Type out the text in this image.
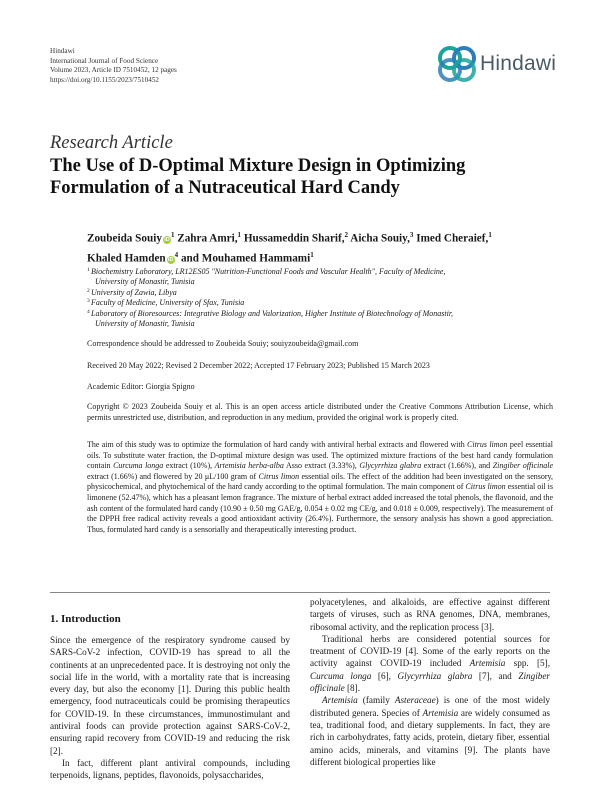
Hindawi
International Journal of Food Science
Volume 2023, Article ID 7510452, 12 pages
https://doi.org/10.1155/2023/7510452
Hindawi
Research Article
The Use of D-Optimal Mixture Design in Optimizing
Formulation of a Nutraceutical Hard Candy
Zoubeida Souiy $iD^1$ Zahra Amri,$^1$ Hussameddin Sharif,$^2$ Aicha Souiy,$^3$ Imed Cheraief,$^1$
Khaled Hamden $iD^4$ and Mouhamed Hammami$^1$
1 Biochemistry Laboratory, LR12ES05 "Nutrition-Functional Foods and Vascular Health", Faculty of Medicine,
University of Monastir, Tunisia
2 University of Zawia, Libya
3 Faculty of Medicine, University of Sfax, Tunisia
4 Laboratory of Bioresources: Integrative Biology and Valorization, Higher Institute of Biotechnology of Monastir,
University of Monastir, Tunisia
Correspondence should be addressed to Zoubeida Souiy; souiyzoubeida@gmail.com
Received 20 May 2022; Revised 2 December 2022; Accepted 17 February 2023; Published 15 March 2023
Academic Editor: Giorgia Spigno
Copyright © 2023 Zoubeida Souiy et al. This is an open access article distributed under the Creative Commons Attribution License, which permits unrestricted use, distribution, and reproduction in any medium, provided the original work is properly cited.
The aim of this study was to optimize the formulation of hard candy with antiviral herbal extracts and flowered with Citrus limon peel essential oils. To substitute water fraction, the D-optimal mixture design was used. The optimized mixture fractions of the best hard candy formulation contain Curcuma longa extract (10%), Artemisia herba-alba Asso extract (3.33%), Glycyrrhiza glabra extract (1.66%), and Zingiber officinale extract (1.66%) and flowered by 20 μL/100 gram of Citrus limon essential oils. The effect of the addition had been investigated on the sensory, physicochemical, and phytochemical of the hard candy according to the optimal formulation. The main component of Citrus limon essential oil is limonene (52.47%), which has a pleasant lemon fragrance. The mixture of herbal extract added increased the total phenols, the flavonoid, and the ash content of the formulated hard candy (10.90 ± 0.50 mg GAE/g, 0.054 ± 0.02 mg CE/g, and 0.018 ± 0.009, respectively). The measurement of the DPPH free radical activity reveals a good antioxidant activity (26.4%). Furthermore, the sensory analysis has shown a good appreciation. Thus, formulated hard candy is a sensorially and therapeutically interesting product.
1. Introduction

Since the emergence of the respiratory syndrome caused by SARS-CoV-2 infection, COVID-19 has spread to all the continents at an unprecedented pace. It is destroying not only the social life in the world, with a mortality rate that is increasing every day, but also the economy [1]. During this public health emergency, food nutraceuticals could be promising therapeutics for COVID-19. In these circumstances, immunostimulant and antiviral foods can provide protection against SARS-CoV-2, ensuring rapid recovery from COVID-19 and reducing the risk [2].

In fact, different plant antiviral compounds, including terpenoids, lignans, peptides, flavonoids, polysaccharides,

polyacetylenes, and alkaloids, are effective against different targets of viruses, such as RNA genomes, DNA, membranes, ribosomal activity, and the replication process [3].

Traditional herbs are considered potential sources for treatment of COVID-19 [4]. Some of the early reports on the activity against COVID-19 included Artemisia spp. [5], Curcuma longa [6], Glycyrrhiza glabra [7], and Zingiber officinale [8].

Artemisia (family Asteraceae) is one of the most widely distributed genera. Species of Artemisia are widely consumed as tea, traditional food, and dietary supplements. In fact, they are rich in carbohydrates, fatty acids, protein, dietary fiber, essential amino acids, minerals, and vitamins [9]. The plants have different biological properties like
